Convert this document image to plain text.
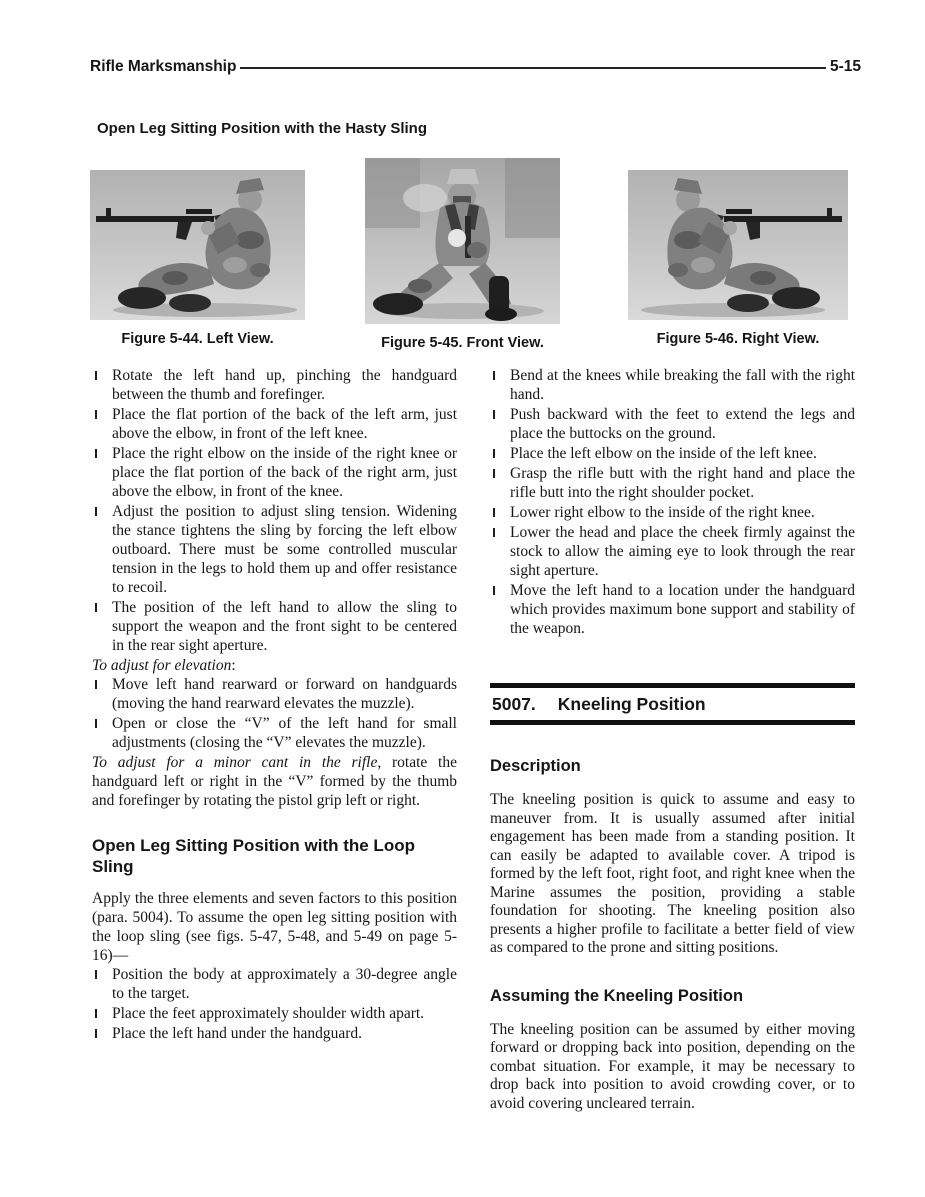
Rifle Marksmanship	5-15
Open Leg Sitting Position with the Hasty Sling
Figure 5-44. Left View.	Figure 5-45. Front View.	Figure 5-46. Right View.
Rotate the left hand up, pinching the handguard between the thumb and forefinger.
Place the flat portion of the back of the left arm, just above the elbow, in front of the left knee.
Place the right elbow on the inside of the right knee or place the flat portion of the back of the right arm, just above the elbow, in front of the knee.
Adjust the position to adjust sling tension. Widening the stance tightens the sling by forcing the left elbow outboard. There must be some controlled muscular tension in the legs to hold them up and offer resistance to recoil.
The position of the left hand to allow the sling to support the weapon and the front sight to be centered in the rear sight aperture.

To adjust for elevation:

Move left hand rearward or forward on handguards (moving the hand rearward elevates the muzzle).
Open or close the “V” of the left hand for small adjustments (closing the “V” elevates the muzzle).

To adjust for a minor cant in the rifle, rotate the handguard left or right in the “V” formed by the thumb and forefinger by rotating the pistol grip left or right.

Open Leg Sitting Position with the Loop Sling

Apply the three elements and seven factors to this position (para. 5004). To assume the open leg sitting position with the loop sling (see figs. 5-47, 5-48, and 5-49 on page 5-16)—

Position the body at approximately a 30-degree angle to the target.
Place the feet approximately shoulder width apart.
Place the left hand under the handguard.
Bend at the knees while breaking the fall with the right hand.
Push backward with the feet to extend the legs and place the buttocks on the ground.
Place the left elbow on the inside of the left knee.
Grasp the rifle butt with the right hand and place the rifle butt into the right shoulder pocket.
Lower right elbow to the inside of the right knee.
Lower the head and place the cheek firmly against the stock to allow the aiming eye to look through the rear sight aperture.
Move the left hand to a location under the handguard which provides maximum bone support and stability of the weapon.
5007. Kneeling Position
Description

The kneeling position is quick to assume and easy to maneuver from. It is usually assumed after initial engagement has been made from a standing position. It can easily be adapted to available cover. A tripod is formed by the left foot, right foot, and right knee when the Marine assumes the position, providing a stable foundation for shooting. The kneeling position also presents a higher profile to facilitate a better field of view as compared to the prone and sitting positions.

Assuming the Kneeling Position

The kneeling position can be assumed by either moving forward or dropping back into position, depending on the combat situation. For example, it may be necessary to drop back into position to avoid crowding cover, or to avoid covering uncleared terrain.
